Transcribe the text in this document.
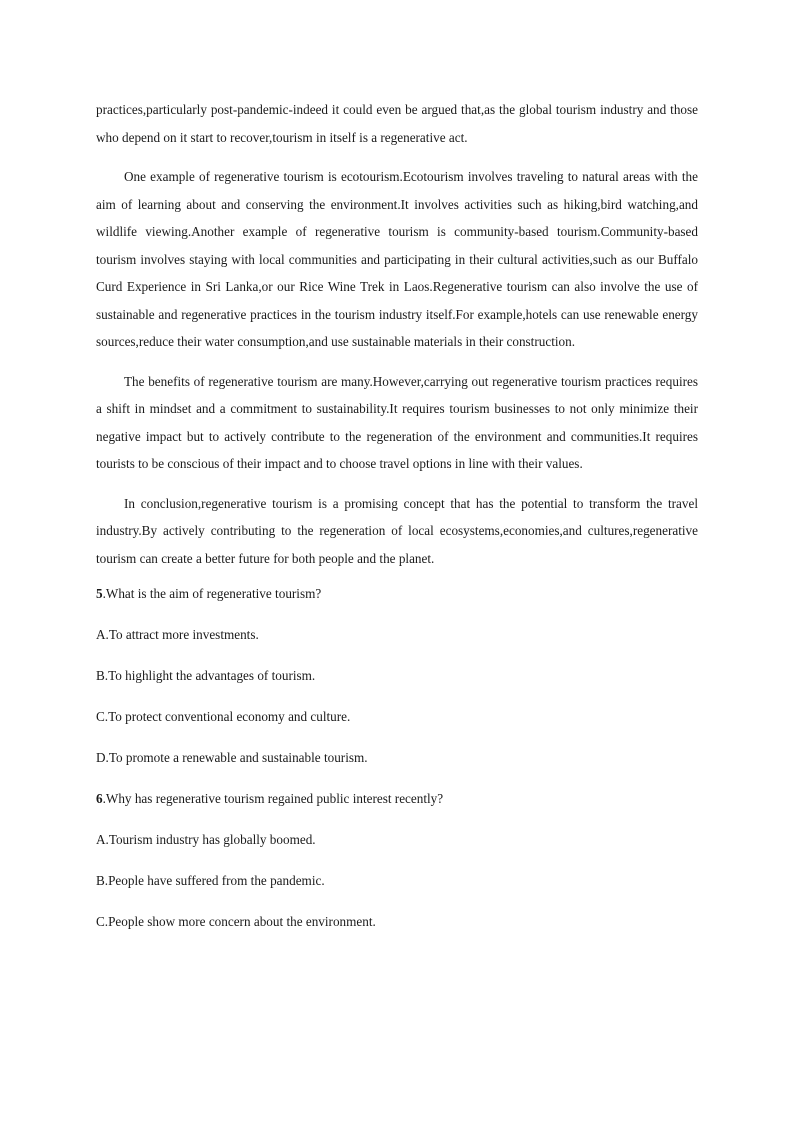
practices,particularly post-pandemic-indeed it could even be argued that,as the global tourism industry and those who depend on it start to recover,tourism in itself is a regenerative act.

One example of regenerative tourism is ecotourism.Ecotourism involves traveling to natural areas with the aim of learning about and conserving the environment.It involves activities such as hiking,bird watching,and wildlife viewing.Another example of regenerative tourism is community-based tourism.Community-based tourism involves staying with local communities and participating in their cultural activities,such as our Buffalo Curd Experience in Sri Lanka,or our Rice Wine Trek in Laos.Regenerative tourism can also involve the use of sustainable and regenerative practices in the tourism industry itself.For example,hotels can use renewable energy sources,reduce their water consumption,and use sustainable materials in their construction.

The benefits of regenerative tourism are many.However,carrying out regenerative tourism practices requires a shift in mindset and a commitment to sustainability.It requires tourism businesses to not only minimize their negative impact but to actively contribute to the regeneration of the environment and communities.It requires tourists to be conscious of their impact and to choose travel options in line with their values.

In conclusion,regenerative tourism is a promising concept that has the potential to transform the travel industry.By actively contributing to the regeneration of local ecosystems,economies,and cultures,regenerative tourism can create a better future for both people and the planet.

5.What is the aim of regenerative tourism?
A.To attract more investments.
B.To highlight the advantages of tourism.
C.To protect conventional economy and culture.
D.To promote a renewable and sustainable tourism.
6.Why has regenerative tourism regained public interest recently?
A.Tourism industry has globally boomed.
B.People have suffered from the pandemic.
C.People show more concern about the environment.
